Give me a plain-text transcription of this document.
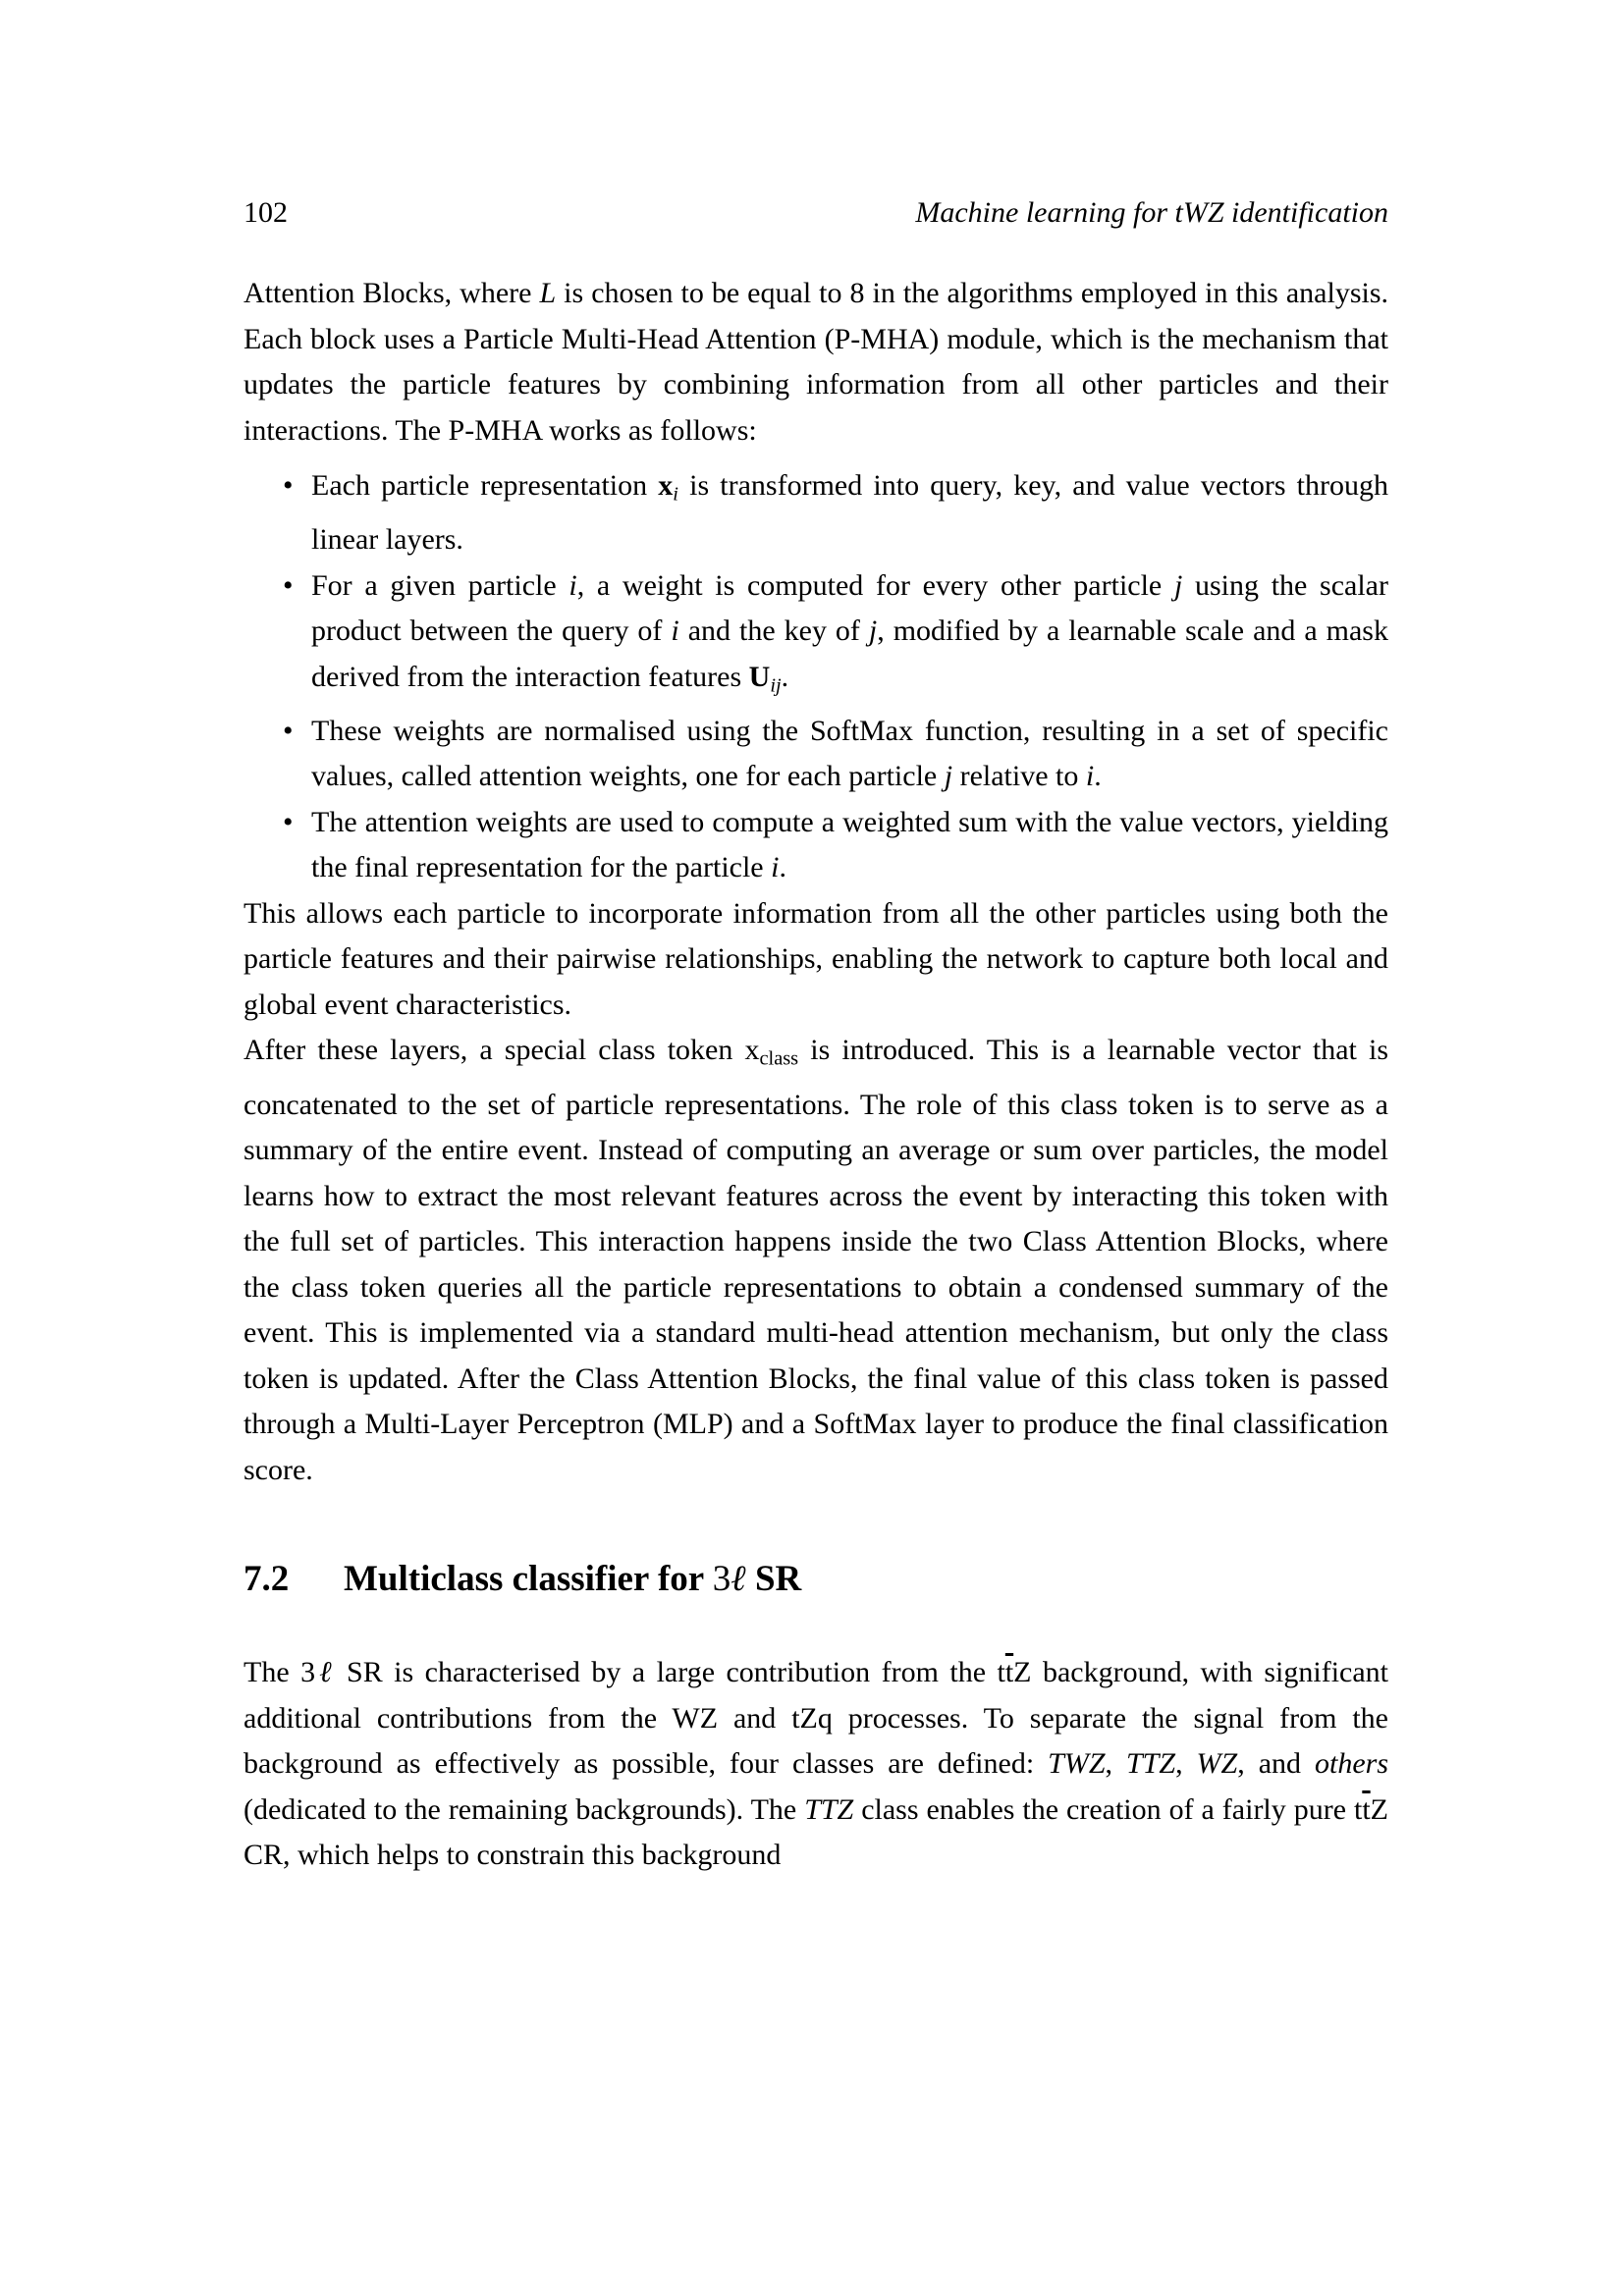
102	Machine learning for tWZ identification

Attention Blocks, where L is chosen to be equal to 8 in the algorithms employed in this analysis. Each block uses a Particle Multi-Head Attention (P-MHA) module, which is the mechanism that updates the particle features by combining information from all other particles and their interactions. The P-MHA works as follows:

• Each particle representation xi is transformed into query, key, and value vectors through linear layers.
• For a given particle i, a weight is computed for every other particle j using the scalar product between the query of i and the key of j, modified by a learnable scale and a mask derived from the interaction features Uij.
• These weights are normalised using the SoftMax function, resulting in a set of specific values, called attention weights, one for each particle j relative to i.
• The attention weights are used to compute a weighted sum with the value vectors, yielding the final representation for the particle i.

This allows each particle to incorporate information from all the other particles using both the particle features and their pairwise relationships, enabling the network to capture both local and global event characteristics.

After these layers, a special class token xclass is introduced. This is a learnable vector that is concatenated to the set of particle representations. The role of this class token is to serve as a summary of the entire event. Instead of computing an average or sum over particles, the model learns how to extract the most relevant features across the event by interacting this token with the full set of particles. This interaction happens inside the two Class Attention Blocks, where the class token queries all the particle representations to obtain a condensed summary of the event. This is implemented via a standard multi-head attention mechanism, but only the class token is updated. After the Class Attention Blocks, the final value of this class token is passed through a Multi-Layer Perceptron (MLP) and a SoftMax layer to produce the final classification score.

7.2	Multiclass classifier for 3ℓ SR

The 3ℓ SR is characterised by a large contribution from the $t\overline{t}Z$ background, with significant additional contributions from the WZ and tZq processes. To separate the signal from the background as effectively as possible, four classes are defined: TWZ, TTZ, WZ, and others (dedicated to the remaining backgrounds). The TTZ class enables the creation of a fairly pure $t\overline{t}Z$ CR, which helps to constrain this background
